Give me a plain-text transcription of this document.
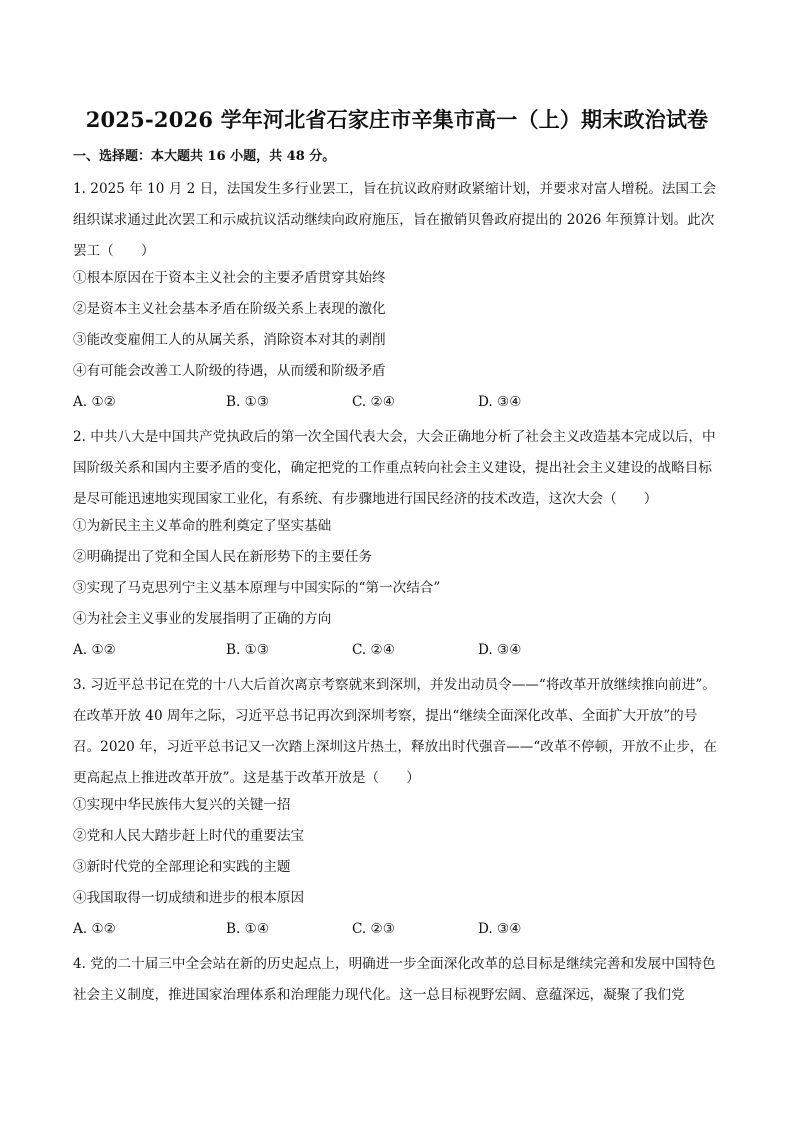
2025-2026 学年河北省石家庄市辛集市高一（上）期末政治试卷
一、选择题：本大题共 16 小题，共 48 分。
1. 2025 年 10 月 2 日，法国发生多行业罢工，旨在抗议政府财政紧缩计划，并要求对富人增税。法国工会组织谋求通过此次罢工和示威抗议活动继续向政府施压，旨在撤销贝鲁政府提出的 2026 年预算计划。此次罢工（　　）
①根本原因在于资本主义社会的主要矛盾贯穿其始终
②是资本主义社会基本矛盾在阶级关系上表现的激化
③能改变雇佣工人的从属关系，消除资本对其的剥削
④有可能会改善工人阶级的待遇，从而缓和阶级矛盾
A. ①②	B. ①③	C. ②④	D. ③④
2. 中共八大是中国共产党执政后的第一次全国代表大会，大会正确地分析了社会主义改造基本完成以后，中国阶级关系和国内主要矛盾的变化，确定把党的工作重点转向社会主义建设，提出社会主义建设的战略目标是尽可能迅速地实现国家工业化，有系统、有步骤地进行国民经济的技术改造，这次大会（　　）
①为新民主主义革命的胜利奠定了坚实基础
②明确提出了党和全国人民在新形势下的主要任务
③实现了马克思列宁主义基本原理与中国实际的“第一次结合”
④为社会主义事业的发展指明了正确的方向
A. ①②	B. ①③	C. ②④	D. ③④
3. 习近平总书记在党的十八大后首次离京考察就来到深圳，并发出动员令——“将改革开放继续推向前进”。在改革开放 40 周年之际，习近平总书记再次到深圳考察，提出“继续全面深化改革、全面扩大开放”的号召。2020 年，习近平总书记又一次踏上深圳这片热土，释放出时代强音——“改革不停顿，开放不止步，在更高起点上推进改革开放”。这是基于改革开放是（　　）
①实现中华民族伟大复兴的关键一招
②党和人民大踏步赶上时代的重要法宝
③新时代党的全部理论和实践的主题
④我国取得一切成绩和进步的根本原因
A. ①②	B. ①④	C. ②③	D. ③④
4. 党的二十届三中全会站在新的历史起点上，明确进一步全面深化改革的总目标是继续完善和发展中国特色社会主义制度，推进国家治理体系和治理能力现代化。这一总目标视野宏阔、意蕴深远，凝聚了我们党
